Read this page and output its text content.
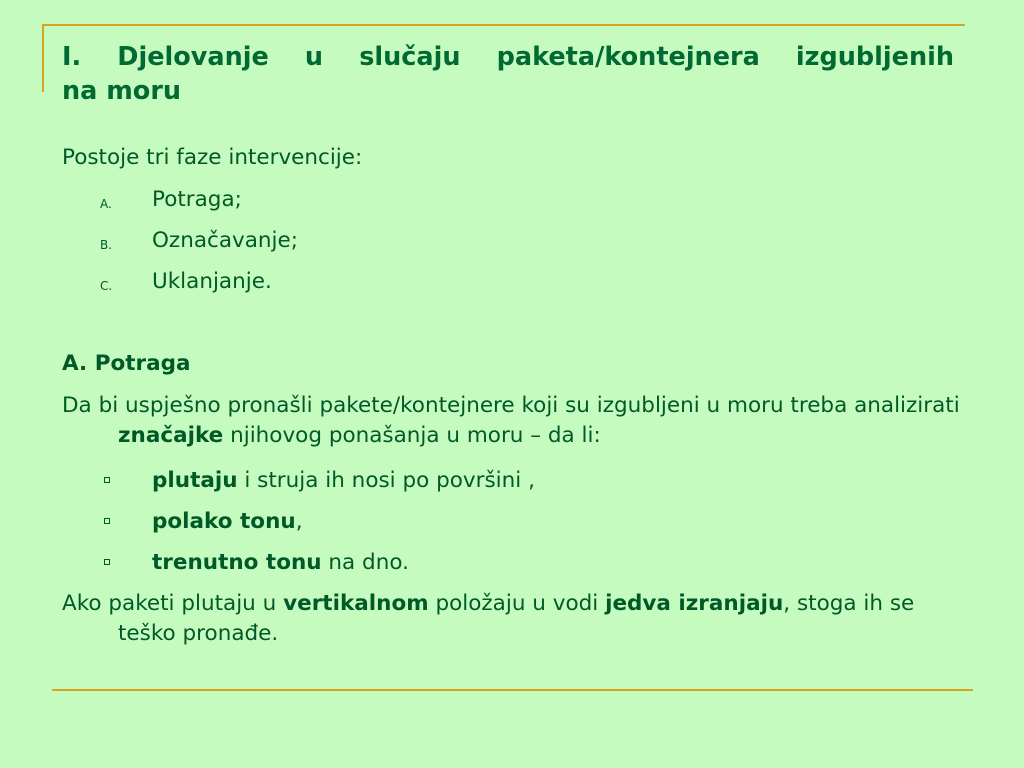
I. Djelovanje u slučaju paketa/kontejnera izgubljenih
na moru

Postoje tri faze intervencije:

A. Potraga;
B. Označavanje;
C. Uklanjanje.

A. Potraga

Da bi uspješno pronašli pakete/kontejnere koji su izgubljeni u moru treba analizirati značajke njihovog ponašanja u moru – da li:

plutaju i struja ih nosi po površini ,
polako tonu,
trenutno tonu na dno.

Ako paketi plutaju u vertikalnom položaju u vodi jedva izranjaju, stoga ih se teško pronađe.
